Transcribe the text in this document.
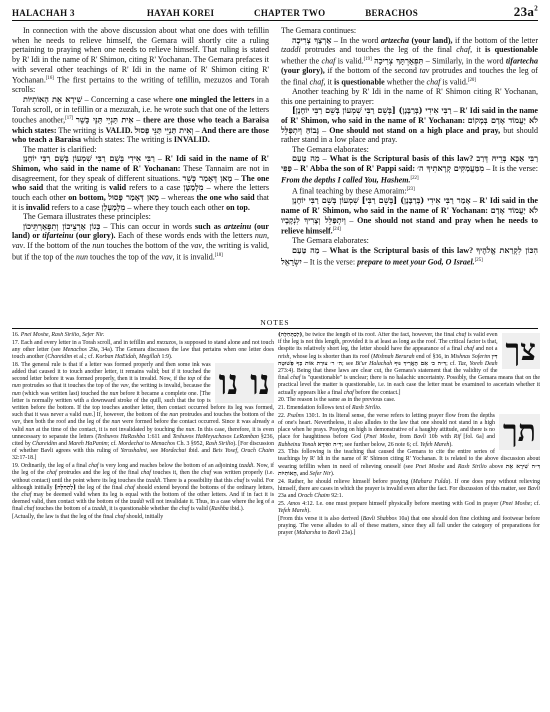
HALACHAH 3	HAYAH KOREI	CHAPTER TWO	BERACHOS	$23a^2$

In connection with the above discussion about what one does with tefillin when he needs to relieve himself, the Gemara will shortly cite a ruling pertaining to praying when one needs to relieve himself. That ruling is stated by R' Idi in the name of R' Shimon, citing R' Yochanan. The Gemara prefaces it with several other teachings of R' Idi in the name of R' Shimon citing R' Yochanan.[16] The first pertains to the writing of tefillin, mezuzos and Torah scrolls:

שִׁירָא אֵת הָאוֹתִיּוֹת – Concerning a case where one mingled the letters in a Torah scroll, or in tefillin or a mezuzah, i.e. he wrote such that one of the letters touches another,[17] אִית תַּנְיֵי תַּנֵּי כָּשֵׁר – there are those who teach a Baraisa which states: The writing is VALID. וְאִית תַּנְיֵי תַּנֵּי פָּסוּל – And there are those who teach a Baraisa which states: The writing is INVALID.

The matter is clarified:

רַבִּי אִידִי בְּשֵׁם רַבִּי שִׁמְעוֹן בְּשֵׁם רַבִּי יוֹחָנָן – R' Idi said in the name of R' Shimon, who said in the name of R' Yochanan: These Tannaim are not in disagreement, for they speak of different situations. מָאן דְּאָמַר כָּשֵׁר – The one who said that the writing is valid refers to a case מִלְמַטָּן – where the letters touch each other on bottom, מָאן דְּאָמַר פָּסוּל – whereas the one who said that it is invalid refers to a case מִלְמַעְלָן – where they touch each other on top.

The Gemara illustrates these principles:

כְּגוֹן אַרְצֵיכוֹן וְתִפְאַרְתֵּיכוֹן – This can occur in words such as artzeinu (our land) or tifarteinu (our glory). Each of these words ends with the letters nun, vav. If the bottom of the nun touches the bottom of the vav, the writing is valid, but if the top of the nun touches the top of the vav, it is invalid.[18]

The Gemara continues:

אַרְצָךְ צְרִיכָה – In the word artzecha (your land), if the bottom of the letter tzaddi protrudes and touches the leg of the final chaf, it is questionable whether the chaf is valid.[19] תִּפְאַרְתָּךְ צְרִיכָה – Similarly, in the word tifartecha (your glory), if the bottom of the second tav protrudes and touches the leg of the final chaf, it is questionable whether the chaf is valid.[20]

Another teaching by R' Idi in the name of R' Shimon citing R' Yochanan, this one pertaining to prayer:

רַבִּי אִידִי (בְּרַבָּנָן) [בְּשֵׁם רַבִּי שִׁמְעוֹן בְּשֵׁם רַבִּי יוֹחָנָן] – R' Idi said in the name of R' Shimon, who said in the name of R' Yochanan: לֹא יַעֲמוֹד אָדָם בְּמָקוֹם גָּבוֹהַּ וְיִתְפַּלֵּל – One should not stand on a high place and pray, but should rather stand in a low place and pray.

The Gemara elaborates:

מַה טַּעַם – What is the Scriptural basis of this law? רַבִּי אַבָּא בְּרֵיהּ דְּרַב פַּפִּי – R' Abba the son of R' Pappi said: מִמַּעֲמַקִּים קְרָאתִיךָ ה׳ – It is the verse: From the depths I called You, Hashem.[22]

A final teaching by these Amoraim:[23]

אָמַר רַבִּי אִידִי (בְּרַבָּנָן) [בְּשֵׁם רַבִּי] שִׁמְעוֹן בְּשֵׁם רַבִּי יוֹחָנָן – R' Idi said in the name of R' Shimon, who said in the name of R' Yochanan: לֹא יַעֲמוֹד אָדָם וְיִתְפַּלֵּל וְצָרִיךְ לִנְקָבָיו – One should not stand and pray when he needs to relieve himself.[24]

The Gemara elaborates:

מַה טַּעַם – What is the Scriptural basis of this law? הִכּוֹן לִקְרַאת אֱלֹהֶיךָ יִשְׂרָאֵל – It is the verse: prepare to meet your God, O Israel.[25]

NOTES

16. Pnei Moshe, Rash Sirilio, Sefer Nir.

17. Each and every letter in a Torah scroll, and in tefillin and mezuzos, is supposed to stand alone and not touch any other letter (see Menachos 29a, 34a). The Gemara discusses the law that pertains when one letter does touch another (Chareidim et al.; cf. Korban HaEidah, Megillah 1:9).

נו נו
18. The general rule is that if a letter was formed properly and then some ink was added that caused it to touch another letter, it remains valid; but if it touched the second letter before it was formed properly, then it is invalid. Now, if the top of the nun protrudes so that it touches the top of the vav, the writing is invalid, because the nun (which was written last) touched the nun before it became a complete one. [The letter is normally written with a downward stroke of the quill, such that the top is written before the bottom. If the top touches another letter, then contact occurred before its leg was formed, such that it was never a valid nun.] If, however, the bottom of the nun protrudes and touches the bottom of the vav, then both the roof and the leg of the nun were formed before the contact occurred. Since it was already a valid nun at the time of the contact, it is not invalidated by touching the nun. In this case, therefore, it is even unnecessary to separate the letters (Teshuvos HaRashba 1:611 and Teshuvos HaMeyuchasos LeRamban §236, cited by Chareidim and Mareh HaPanim; cf. Mordechai to Menachos Ch. 3 §952, Rash Sirilio). [For discussion of whether Bavli agrees with this ruling of Yerushalmi, see Mordechai ibid. and Beis Yosef, Orach Chaim 32:17-18.]

19. Ordinarily, the leg of a final chaf is very long and reaches below the bottom of an adjoining tzaddi. Now, if the leg of the chaf protrudes and the leg of the final chaf touches it, then the chaf was written properly (i.e. without contact) until the point where its leg touches the tzaddi. There is a possibility that this chaf is valid. For although initially [לְתְחִלָּה] the leg of the final chaf should extend beyond the bottoms of the ordinary letters, the chaf may be deemed valid when its leg is equal with the bottom of the other letters. And if in fact it is deemed valid, then contact with the bottom of the tzaddi will not invalidate it. Thus, in a case where the leg of a final chaf touches the bottom of a tzaddi, it is questionable whether the chaf is valid (Rashba ibid.).

[Actually, the law is that the leg of the final chaf should, initially

צך
(לְכַתְּחִלָּה), be twice the length of its roof. After the fact, however, the final chaf is valid even if the leg is not this length, provided it is at least as long as the roof. The critical factor is that, despite its relatively short leg, the letter should have the appearance of a final chaf and not a reish, whose leg is shorter than its roof (Mishnah Berurah end of §36, in Mishnas Soferim דִּין ה׳ ר׳ צוּרַת אוֹת כַּף פְּשׁוּטָה; see Bi'ur Halachah דִּ״ה כ׳ אִם הָאֲרִיךְ גּוּף; cf. Taz, Yoreh Deah 273:4). Being that these laws are clear cut, the Gemara's statement that the validity of the final chaf is "questionable" is unclear; there is no halachic uncertainty. Possibly, the Gemara means that on the practical level the matter is questionable, i.e. in each case the letter must be examined to ascertain whether it actually appears like a final chaf before the contact.]

20. The reason is the same as in the previous case.

21. Emendation follows text of Rash Sirilio.

תך
22. Psalms 130:1. In its literal sense, the verse refers to letting prayer flow from the depths of one's heart. Nevertheless, it also alludes to the law that one should not stand in a high place when he prays. Praying on high is demonstrative of a haughty attitude, and there is no place for haughtiness before God (Pnei Moshe, from Bavli 10b with Rif [fol. 6a] and Rabbeinu Yonah דִּ״ה ואִירָא; see further below, 26 note 6; cf. Yefeh Mareh).

23. This following is the teaching that caused the Gemara to cite the entire series of teachings by R' Idi in the name of R' Shimon citing R' Yochanan. It is related to the above discussion about wearing tefillin when in need of relieving oneself (see Pnei Moshe and Rash Sirilio above דִּ״ה שִׁירָא אֵת הָאוֹתִיּוֹת, and Sefer Nir).

24. Rather, he should relieve himself before praying (Mahara Fulda). If one does pray without relieving himself, there are cases in which the prayer is invalid even after the fact. For discussion of this matter, see Bavli 23a and Orach Chaim 92:1.

25. Amos 4:12. I.e. one must prepare himself physically before meeting with God in prayer (Pnei Moshe; cf. Yefeh Mareh).

[From this verse it is also derived (Bavli Shabbos 10a) that one should don fine clothing and footwear before praying. The verse alludes to all of these matters, since they all fall under the category of preparations for prayer (Maharsha to Bavli 23a).]
